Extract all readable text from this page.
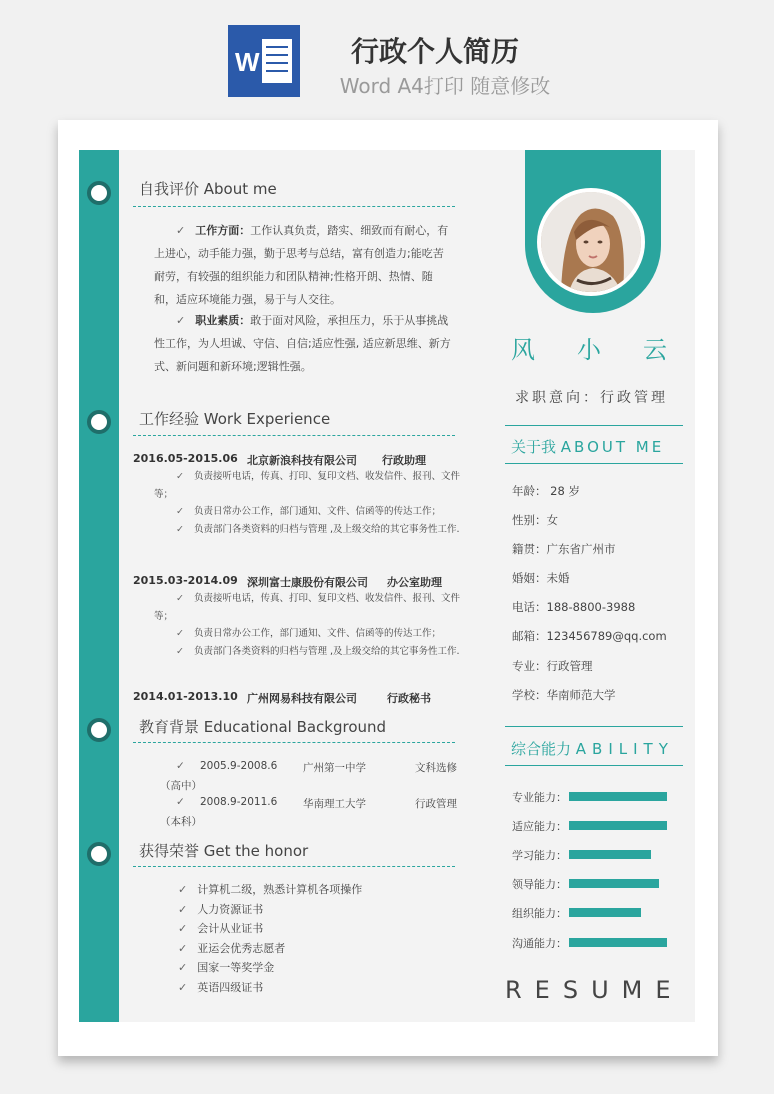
W	行政个人简历
Word A4打印 随意修改
自我评价 About me
✓ 工作方面：工作认真负责，踏实、细致而有耐心，有上进心，动手能力强，勤于思考与总结，富有创造力;能吃苦耐劳，有较强的组织能力和团队精神;性格开朗、热情、随和，适应环境能力强，易于与人交往。
✓ 职业素质：敢于面对风险，承担压力，乐于从事挑战性工作，为人坦诚、守信、自信;适应性强, 适应新思维、新方式、新问题和新环境;逻辑性强。
工作经验 Work Experience
2016.05-2015.06 北京新浪科技有限公司 行政助理
✓ 负责接听电话，传真、打印、复印文档、收发信件、报刊、文件等；
✓ 负责日常办公工作，部门通知、文件、信函等的传达工作；
✓ 负责部门各类资料的归档与管理 ,及上级交给的其它事务性工作.
2015.03-2014.09 深圳富士康股份有限公司 办公室助理
✓ 负责接听电话，传真、打印、复印文档、收发信件、报刊、文件等；
✓ 负责日常办公工作，部门通知、文件、信函等的传达工作；
✓ 负责部门各类资料的归档与管理 ,及上级交给的其它事务性工作.
2014.01-2013.10 广州网易科技有限公司	行政秘书
教育背景 Educational Background
✓ 2005.9-2008.6 广州第一中学	文科选修
（高中）
✓ 2008.9-2011.6 华南理工大学	行政管理
（本科）
获得荣誉 Get the honor
✓ 计算机二级，熟悉计算机各项操作
✓ 人力资源证书
✓ 会计从业证书
✓ 亚运会优秀志愿者
✓ 国家一等奖学金
✓ 英语四级证书
风小云
求职意向：行政管理
关于我 ABOUT ME
年龄： 28 岁
性别：女
籍贯：广东省广州市
婚姻：未婚
电话：188-8800-3988
邮箱：123456789@qq.com
专业：行政管理
学校：华南师范大学
综合能力 ABILITY
专业能力：
适应能力：
学习能力：
领导能力：
组织能力：
沟通能力：
RESUME
